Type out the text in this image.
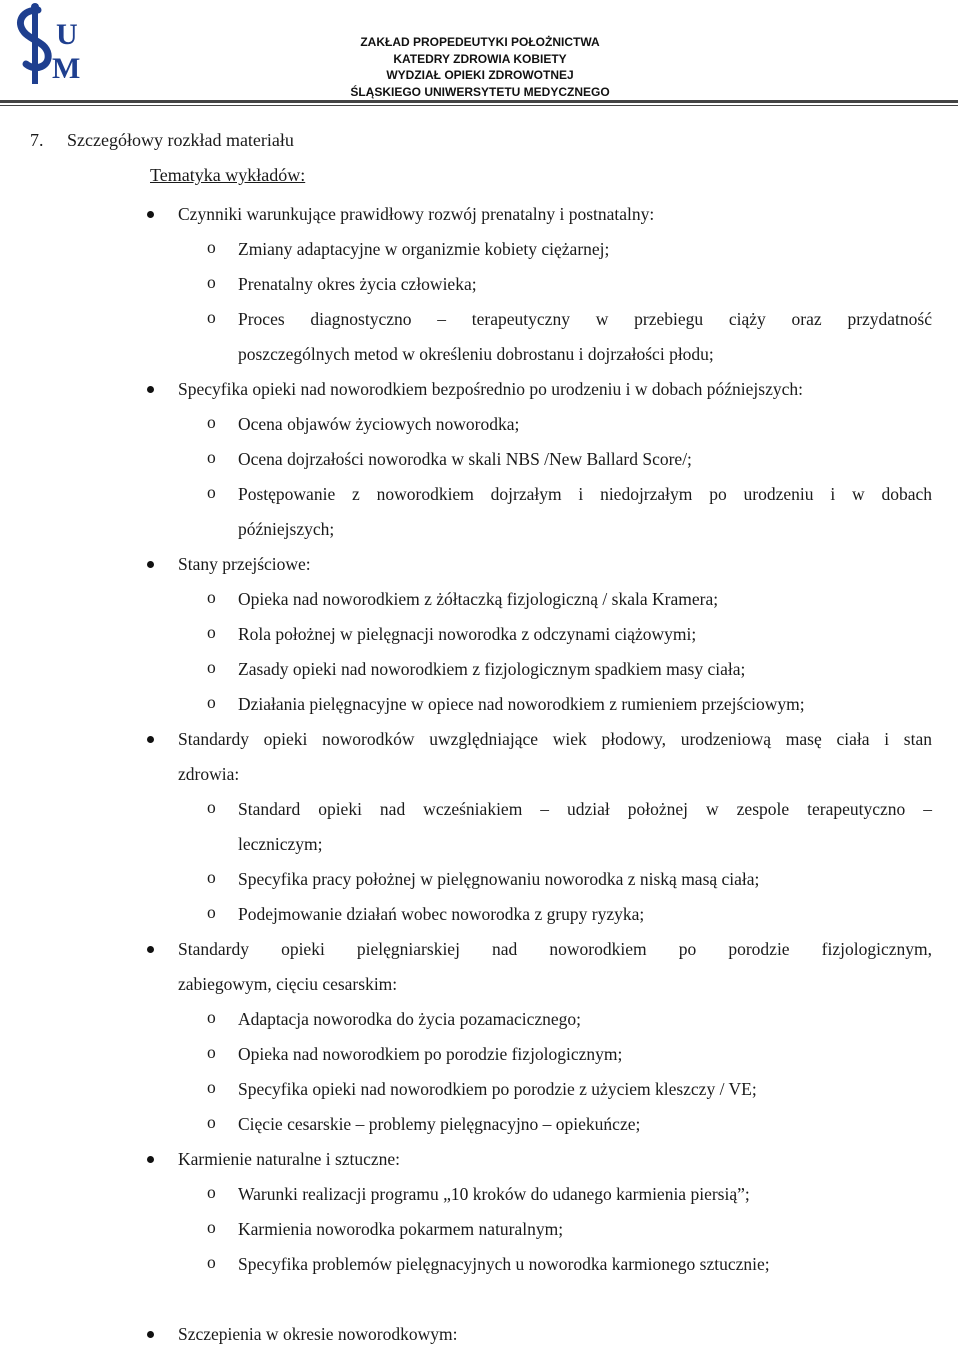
U
M
ZAKŁAD PROPEDEUTYKI POŁOŻNICTWA
KATEDRY ZDROWIA KOBIETY
WYDZIAŁ OPIEKI ZDROWOTNEJ
ŚLĄSKIEGO UNIWERSYTETU MEDYCZNEGO
7. Szczegółowy rozkład materiału
Tematyka wykładów:
Czynniki warunkujące prawidłowy rozwój prenatalny i postnatalny:
o Zmiany adaptacyjne w organizmie kobiety ciężarnej;
o Prenatalny okres życia człowieka;
o Proces diagnostyczno – terapeutyczny w przebiegu ciąży oraz przydatność
poszczególnych metod w określeniu dobrostanu i dojrzałości płodu;
Specyfika opieki nad noworodkiem bezpośrednio po urodzeniu i w dobach późniejszych:
o Ocena objawów życiowych noworodka;
o Ocena dojrzałości noworodka w skali NBS /New Ballard Score/;
o Postępowanie z noworodkiem dojrzałym i niedojrzałym po urodzeniu i w dobach
późniejszych;
Stany przejściowe:
o Opieka nad noworodkiem z żółtaczką fizjologiczną / skala Kramera;
o Rola położnej w pielęgnacji noworodka z odczynami ciążowymi;
o Zasady opieki nad noworodkiem z fizjologicznym spadkiem masy ciała;
o Działania pielęgnacyjne w opiece nad noworodkiem z rumieniem przejściowym;
Standardy opieki noworodków uwzględniające wiek płodowy, urodzeniową masę ciała i stan
zdrowia:
o Standard opieki nad wcześniakiem – udział położnej w zespole terapeutyczno –
leczniczym;
o Specyfika pracy położnej w pielęgnowaniu noworodka z niską masą ciała;
o Podejmowanie działań wobec noworodka z grupy ryzyka;
Standardy opieki pielęgniarskiej nad noworodkiem po porodzie fizjologicznym,
zabiegowym, cięciu cesarskim:
o Adaptacja noworodka do życia pozamacicznego;
o Opieka nad noworodkiem po porodzie fizjologicznym;
o Specyfika opieki nad noworodkiem po porodzie z użyciem kleszczy / VE;
o Cięcie cesarskie – problemy pielęgnacyjno – opiekuńcze;
Karmienie naturalne i sztuczne:
o Warunki realizacji programu „10 kroków do udanego karmienia piersią”;
o Karmienia noworodka pokarmem naturalnym;
o Specyfika problemów pielęgnacyjnych u noworodka karmionego sztucznie;
Szczepienia w okresie noworodkowym:
